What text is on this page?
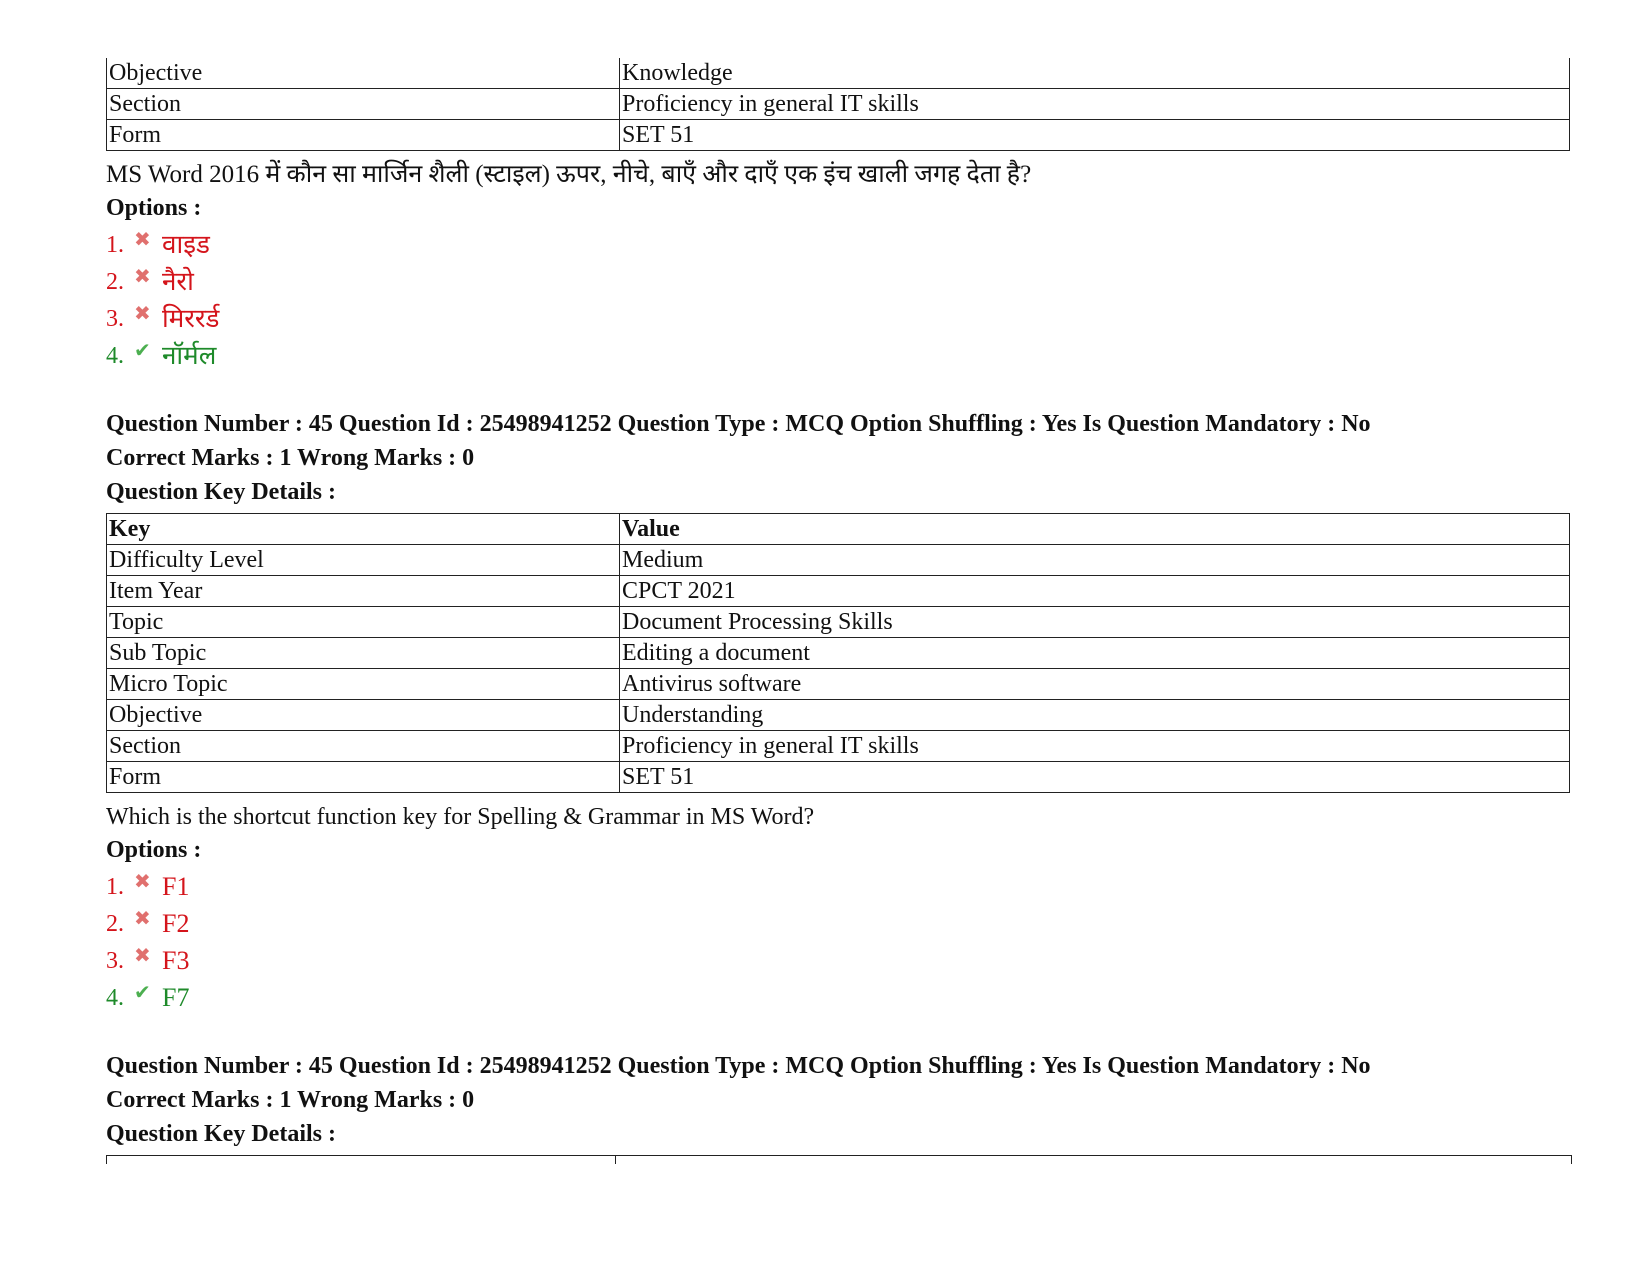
Objective	Knowledge
Section	Proficiency in general IT skills
Form	SET 51
MS Word 2016 में कौन सा मार्जिन शैली (स्टाइल) ऊपर, नीचे, बाएँ और दाएँ एक इंच खाली जगह देता है?
Options :
1. ✖ वाइड
2. ✖ नैरो
3. ✖ मिररर्ड
4. ✔ नॉर्मल
Question Number : 45 Question Id : 25498941252 Question Type : MCQ Option Shuffling : Yes Is Question Mandatory : No
Correct Marks : 1 Wrong Marks : 0
Question Key Details :
Key	Value
Difficulty Level	Medium
Item Year	CPCT 2021
Topic	Document Processing Skills
Sub Topic	Editing a document
Micro Topic	Antivirus software
Objective	Understanding
Section	Proficiency in general IT skills
Form	SET 51
Which is the shortcut function key for Spelling & Grammar in MS Word?
Options :
1. ✖ F1
2. ✖ F2
3. ✖ F3
4. ✔ F7
Question Number : 45 Question Id : 25498941252 Question Type : MCQ Option Shuffling : Yes Is Question Mandatory : No
Correct Marks : 1 Wrong Marks : 0
Question Key Details :
